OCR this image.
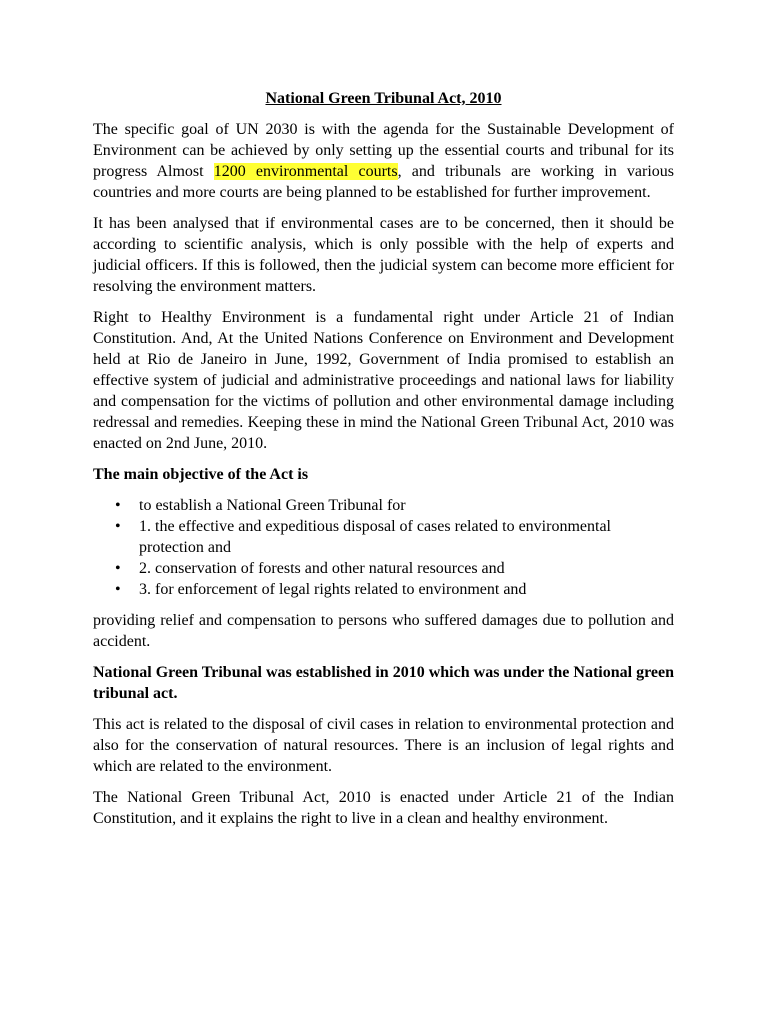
National Green Tribunal Act, 2010

The specific goal of UN 2030 is with the agenda for the Sustainable Development of Environment can be achieved by only setting up the essential courts and tribunal for its progress Almost 1200 environmental courts, and tribunals are working in various countries and more courts are being planned to be established for further improvement.

It has been analysed that if environmental cases are to be concerned, then it should be according to scientific analysis, which is only possible with the help of experts and judicial officers. If this is followed, then the judicial system can become more efficient for resolving the environment matters.

Right to Healthy Environment is a fundamental right under Article 21 of Indian Constitution. And, At the United Nations Conference on Environment and Development held at Rio de Janeiro in June, 1992, Government of India promised to establish an effective system of judicial and administrative proceedings and national laws for liability and compensation for the victims of pollution and other environmental damage including redressal and remedies. Keeping these in mind the National Green Tribunal Act, 2010 was enacted on 2nd June, 2010.

The main objective of the Act is

• to establish a National Green Tribunal for
• 1. the effective and expeditious disposal of cases related to environmental protection and
• 2. conservation of forests and other natural resources and
• 3. for enforcement of legal rights related to environment and

providing relief and compensation to persons who suffered damages due to pollution and accident.

National Green Tribunal was established in 2010 which was under the National green tribunal act.

This act is related to the disposal of civil cases in relation to environmental protection and also for the conservation of natural resources. There is an inclusion of legal rights and which are related to the environment.

The National Green Tribunal Act, 2010 is enacted under Article 21 of the Indian Constitution, and it explains the right to live in a clean and healthy environment.
